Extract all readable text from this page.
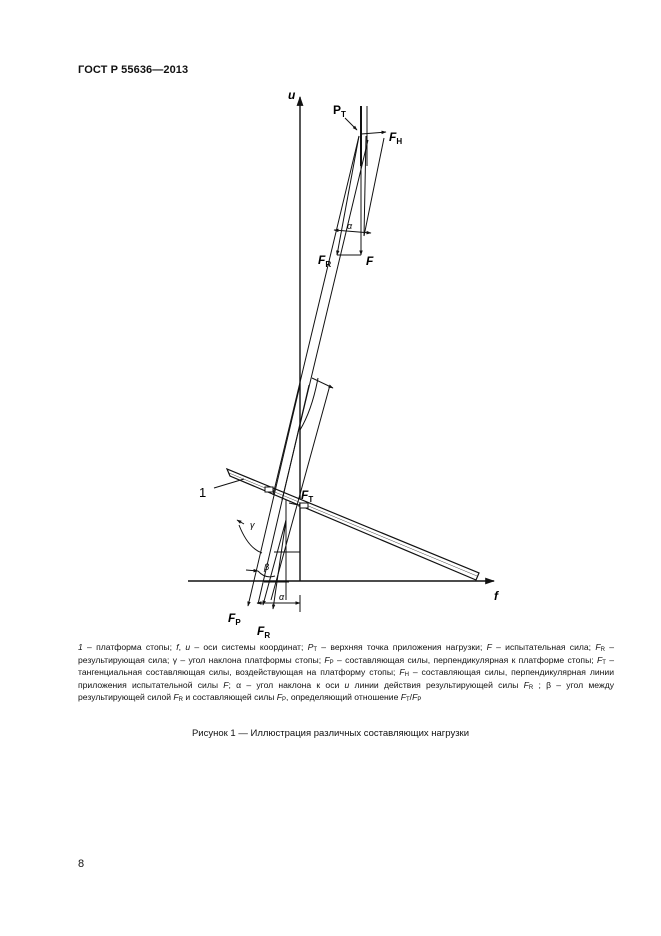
ГОСТ Р 55636—2013
u
f
$P_T$
$F_H$
$F_R$	F
α
1	$F_T$
γ
β
α
$F_P$
$F_R$
1 – платформа стопы; f, u – оси системы координат; $P_T$ – верхняя точка приложения нагрузки; F – испытательная сила; $F_R$ – результирующая сила; γ – угол наклона платформы стопы; $F_P$ – составляющая силы, перпендикулярная к платформе стопы; $F_T$ – тангенциальная составляющая силы, воздействующая на платформу стопы; $F_H$ – составляющая силы, перпендикулярная линии приложения испытательной силы F; α – угол наклона к оси u линии действия результирующей силы $F_R$ ; β – угол между результирующей силой $F_R$ и составляющей силы $F_P$, определяющий отношение $F_T/F_P$
Рисунок 1 — Иллюстрация различных составляющих нагрузки
8
